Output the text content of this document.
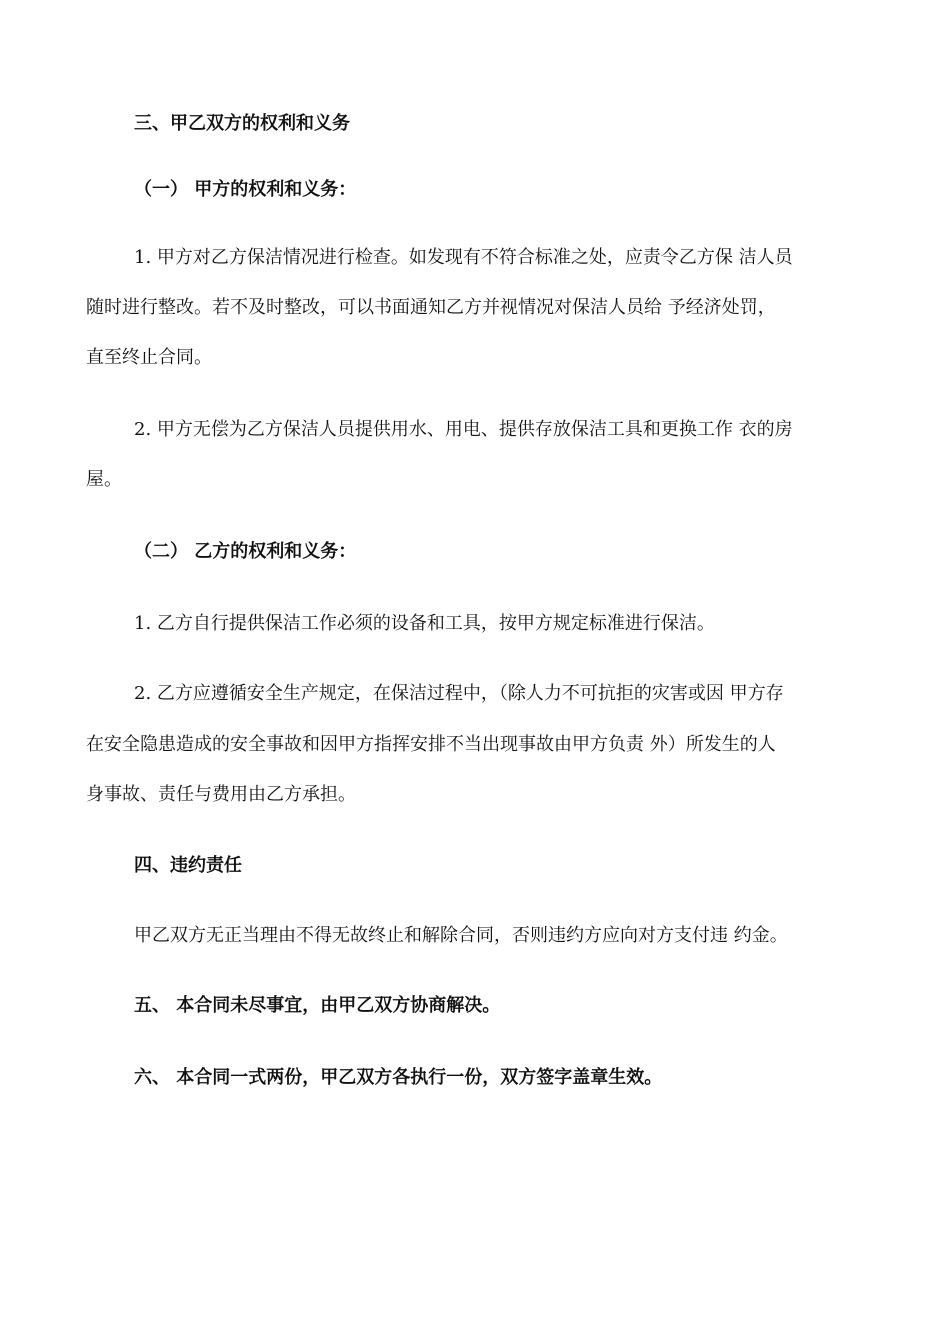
三、甲乙双方的权利和义务
（一） 甲方的权利和义务：
1. 甲方对乙方保洁情况进行检查。如发现有不符合标准之处，应责令乙方保 洁人员
随时进行整改。若不及时整改，可以书面通知乙方并视情况对保洁人员给 予经济处罚，
直至终止合同。
2. 甲方无偿为乙方保洁人员提供用水、用电、提供存放保洁工具和更换工作 衣的房
屋。
（二） 乙方的权利和义务：
1. 乙方自行提供保洁工作必须的设备和工具，按甲方规定标准进行保洁。
2. 乙方应遵循安全生产规定，在保洁过程中，（除人力不可抗拒的灾害或因 甲方存
在安全隐患造成的安全事故和因甲方指挥安排不当出现事故由甲方负责 外）所发生的人
身事故、责任与费用由乙方承担。
四、违约责任
甲乙双方无正当理由不得无故终止和解除合同，否则违约方应向对方支付违 约金。
五、 本合同未尽事宜，由甲乙双方协商解决。
六、 本合同一式两份，甲乙双方各执行一份，双方签字盖章生效。
